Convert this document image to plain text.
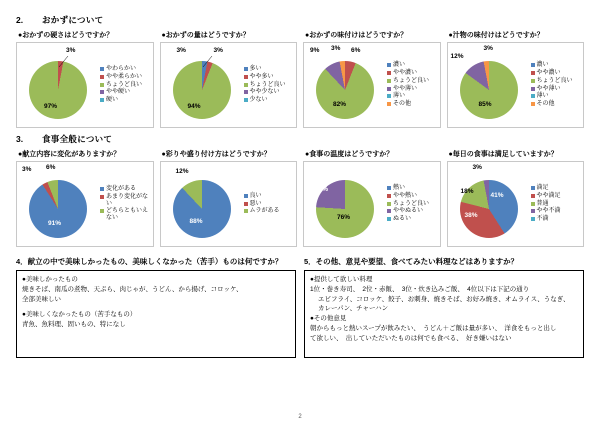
2.	おかずについて
●おかずの硬さはどうですか？
3%
97%
やわらかい
やや柔らかい
ちょうど良い
やや硬い
硬い
●おかずの量はどうですか？
3%	3%
94%
多い
やや多い
ちょうど良い
やや少ない
少ない
●おかずの味付けはどうですか？
9% 3% 6%
82%
濃い
やや濃い
ちょうど良い
やや薄い
薄い
その他
●汁物の味付けはどうですか？
12%
3%
85%
濃い
やや濃い
ちょうど良い
やや薄い
薄い
その他
3.	食事全般について
●献立内容に変化がありますか？
3% 6%
91%
変化がある
あまり変化がない
どちらともいえない
●彩りや盛り付け方はどうですか？
12%
88%
良い
悪い
ムラがある
●食事の温度はどうですか？
24%
76%
熱い
やや熱い
ちょうど良い
ややぬるい
ぬるい
●毎日の食事は満足していますか？
3%
41%
18%
38%
満足
やや満足
普通
やや不満
不満
4．献立の中で美味しかったもの、美味しくなかった（苦手）ものは何ですか？
●美味しかったもの
焼きそば、南瓜の煮物、天ぷら、肉じゃが、うどん、から揚げ、コロッケ、
全部美味しい
●美味しくなかったもの（苦手なもの）
青魚、魚料理、固いもの、特になし
5．その他、意見や要望、食べてみたい料理などはありますか？
●提供して欲しい料理
1位・巻き寿司、　2位・赤飯、　3位・炊き込みご飯、　4位以下は下記の通り
エビフライ、コロッケ、餃子、お刺身、焼きそば、お好み焼き、オムライス、うなぎ、
カレーパン、チャーハン
●その他意見
朝からもっと熱いスープが飲みたい、　うどん＋ご飯は量が多い、　洋食をもっと出し
て欲しい、　出していただいたものは何でも食べる、　好き嫌いはない
2
